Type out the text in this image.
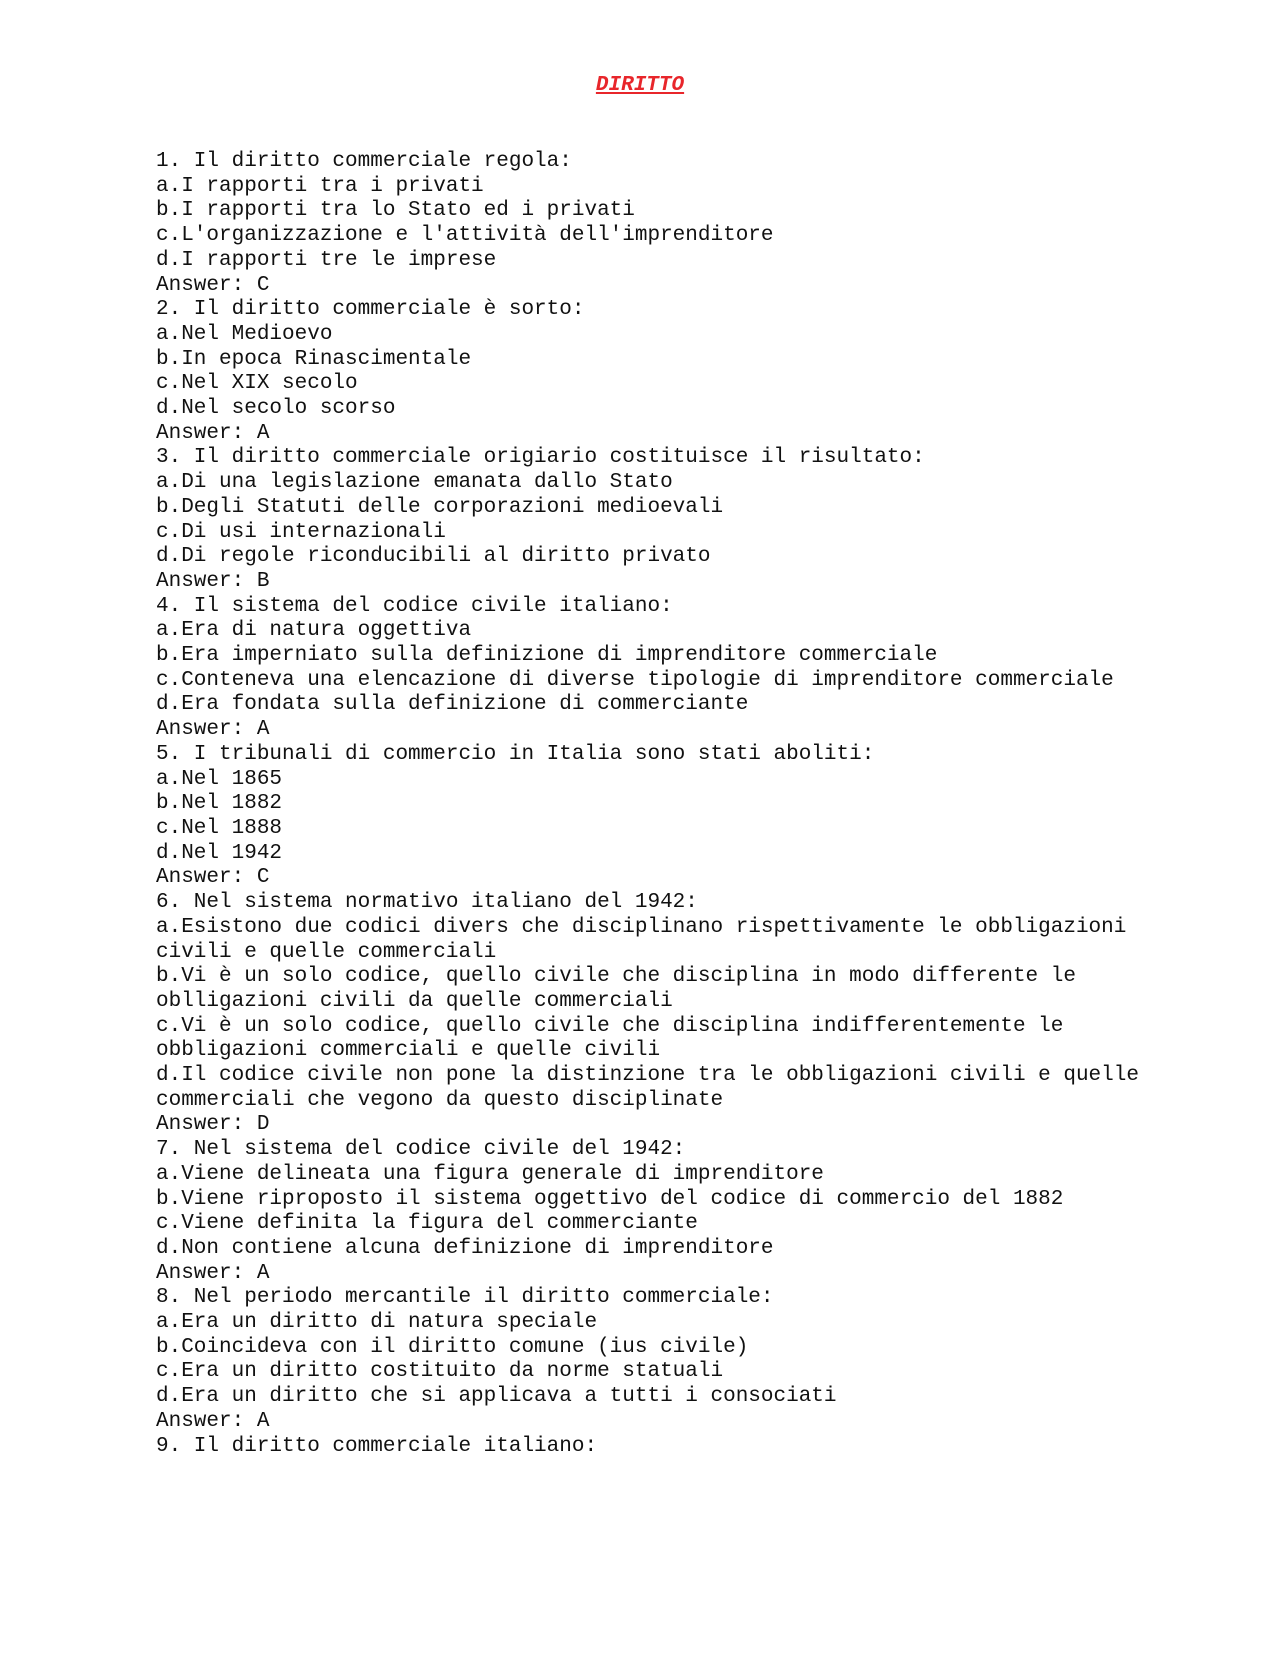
DIRITTO
1. Il diritto commerciale regola:
a.I rapporti tra i privati
b.I rapporti tra lo Stato ed i privati
c.L'organizzazione e l'attività dell'imprenditore
d.I rapporti tre le imprese
Answer: C
2. Il diritto commerciale è sorto:
a.Nel Medioevo
b.In epoca Rinascimentale
c.Nel XIX secolo
d.Nel secolo scorso
Answer: A
3. Il diritto commerciale origiario costituisce il risultato:
a.Di una legislazione emanata dallo Stato
b.Degli Statuti delle corporazioni medioevali
c.Di usi internazionali
d.Di regole riconducibili al diritto privato
Answer: B
4. Il sistema del codice civile italiano:
a.Era di natura oggettiva
b.Era imperniato sulla definizione di imprenditore commerciale
c.Conteneva una elencazione di diverse tipologie di imprenditore commerciale
d.Era fondata sulla definizione di commerciante
Answer: A
5. I tribunali di commercio in Italia sono stati aboliti:
a.Nel 1865
b.Nel 1882
c.Nel 1888
d.Nel 1942
Answer: C
6. Nel sistema normativo italiano del 1942:
a.Esistono due codici divers che disciplinano rispettivamente le obbligazioni civili e quelle commerciali
b.Vi è un solo codice, quello civile che disciplina in modo differente le oblligazioni civili da quelle commerciali
c.Vi è un solo codice, quello civile che disciplina indifferentemente le obbligazioni commerciali e quelle civili
d.Il codice civile non pone la distinzione tra le obbligazioni civili e quelle commerciali che vegono da questo disciplinate
Answer: D
7. Nel sistema del codice civile del 1942:
a.Viene delineata una figura generale di imprenditore
b.Viene riproposto il sistema oggettivo del codice di commercio del 1882
c.Viene definita la figura del commerciante
d.Non contiene alcuna definizione di imprenditore
Answer: A
8. Nel periodo mercantile il diritto commerciale:
a.Era un diritto di natura speciale
b.Coincideva con il diritto comune (ius civile)
c.Era un diritto costituito da norme statuali
d.Era un diritto che si applicava a tutti i consociati
Answer: A
9. Il diritto commerciale italiano:
